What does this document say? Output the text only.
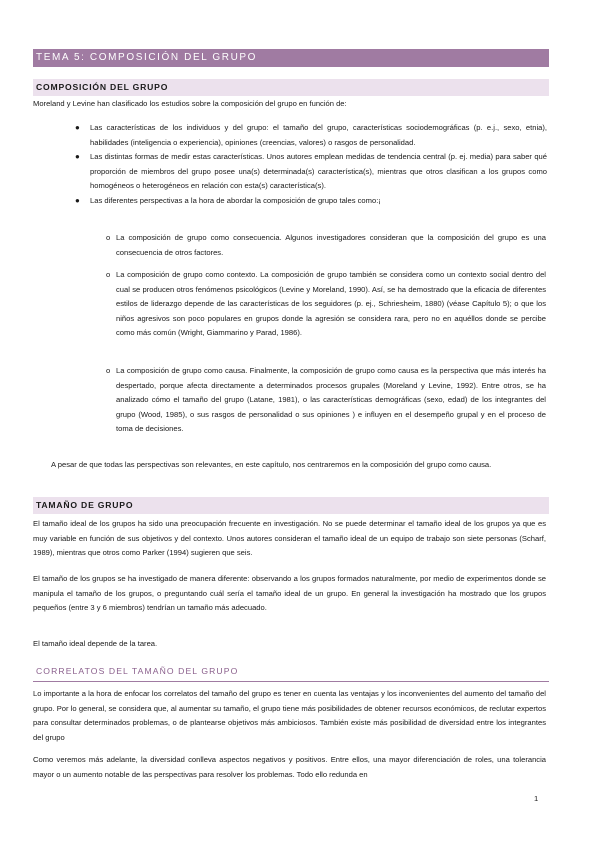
TEMA 5: COMPOSICIÓN DEL GRUPO
COMPOSICIÓN DEL GRUPO

Moreland y Levine han clasificado los estudios sobre la composición del grupo en función de:

● Las características de los individuos y del grupo: el tamaño del grupo, características sociodemográficas (p. e.j., sexo, etnia), habilidades (inteligencia o experiencia), opiniones (creencias, valores) o rasgos de personalidad.
● Las distintas formas de medir estas características. Unos autores emplean medidas de tendencia central (p. ej. media) para saber qué proporción de miembros del grupo posee una(s) determinada(s) característica(s), mientras que otros clasifican a los grupos como homogéneos o heterogéneos en relación con esta(s) característica(s).
● Las diferentes perspectivas a la hora de abordar la composición de grupo tales como:¡
o La composición de grupo como consecuencia. Algunos investigadores consideran que la composición del grupo es una consecuencia de otros factores.

o La composición de grupo como contexto. La composición de grupo también se considera como un contexto social dentro del cual se producen otros fenómenos psicológicos (Levine y Moreland, 1990). Así, se ha demostrado que la eficacia de diferentes estilos de liderazgo depende de las características de los seguidores (p. ej., Schriesheim, 1880) (véase Capítulo 5); o que los niños agresivos son poco populares en grupos donde la agresión se considera rara, pero no en aquéllos donde se percibe como más común (Wright, Giammarino y Parad, 1986).

o La composición de grupo como causa. Finalmente, la composición de grupo como causa es la perspectiva que más interés ha despertado, porque afecta directamente a determinados procesos grupales (Moreland y Levine, 1992). Entre otros, se ha analizado cómo el tamaño del grupo (Latane, 1981), o las características demográficas (sexo, edad) de los integrantes del grupo (Wood, 1985), o sus rasgos de personalidad o sus opiniones ) e influyen en el desempeño grupal y en el proceso de toma de decisiones.

A pesar de que todas las perspectivas son relevantes, en este capítulo, nos centraremos en la composición del grupo como causa.

TAMAÑO DE GRUPO

El tamaño ideal de los grupos ha sido una preocupación frecuente en investigación. No se puede determinar el tamaño ideal de los grupos ya que es muy variable en función de sus objetivos y del contexto. Unos autores consideran el tamaño ideal de un equipo de trabajo son siete personas (Scharf, 1989), mientras que otros como Parker (1994) sugieren que seis.

El tamaño de los grupos se ha investigado de manera diferente: observando a los grupos formados naturalmente, por medio de experimentos donde se manipula el tamaño de los grupos, o preguntando cuál sería el tamaño ideal de un grupo. En general la investigación ha mostrado que los grupos pequeños (entre 3 y 6 miembros) tendrían un tamaño más adecuado.

El tamaño ideal depende de la tarea.

CORRELATOS DEL TAMAÑO DEL GRUPO

Lo importante a la hora de enfocar los correlatos del tamaño del grupo es tener en cuenta las ventajas y los inconvenientes del aumento del tamaño del grupo. Por lo general, se considera que, al aumentar su tamaño, el grupo tiene más posibilidades de obtener recursos económicos, de reclutar expertos para consultar determinados problemas, o de plantearse objetivos más ambiciosos. También existe más posibilidad de diversidad entre los integrantes del grupo

Como veremos más adelante, la diversidad conlleva aspectos negativos y positivos. Entre ellos, una mayor diferenciación de roles, una tolerancia mayor o un aumento notable de las perspectivas para resolver los problemas. Todo ello redunda en

1
